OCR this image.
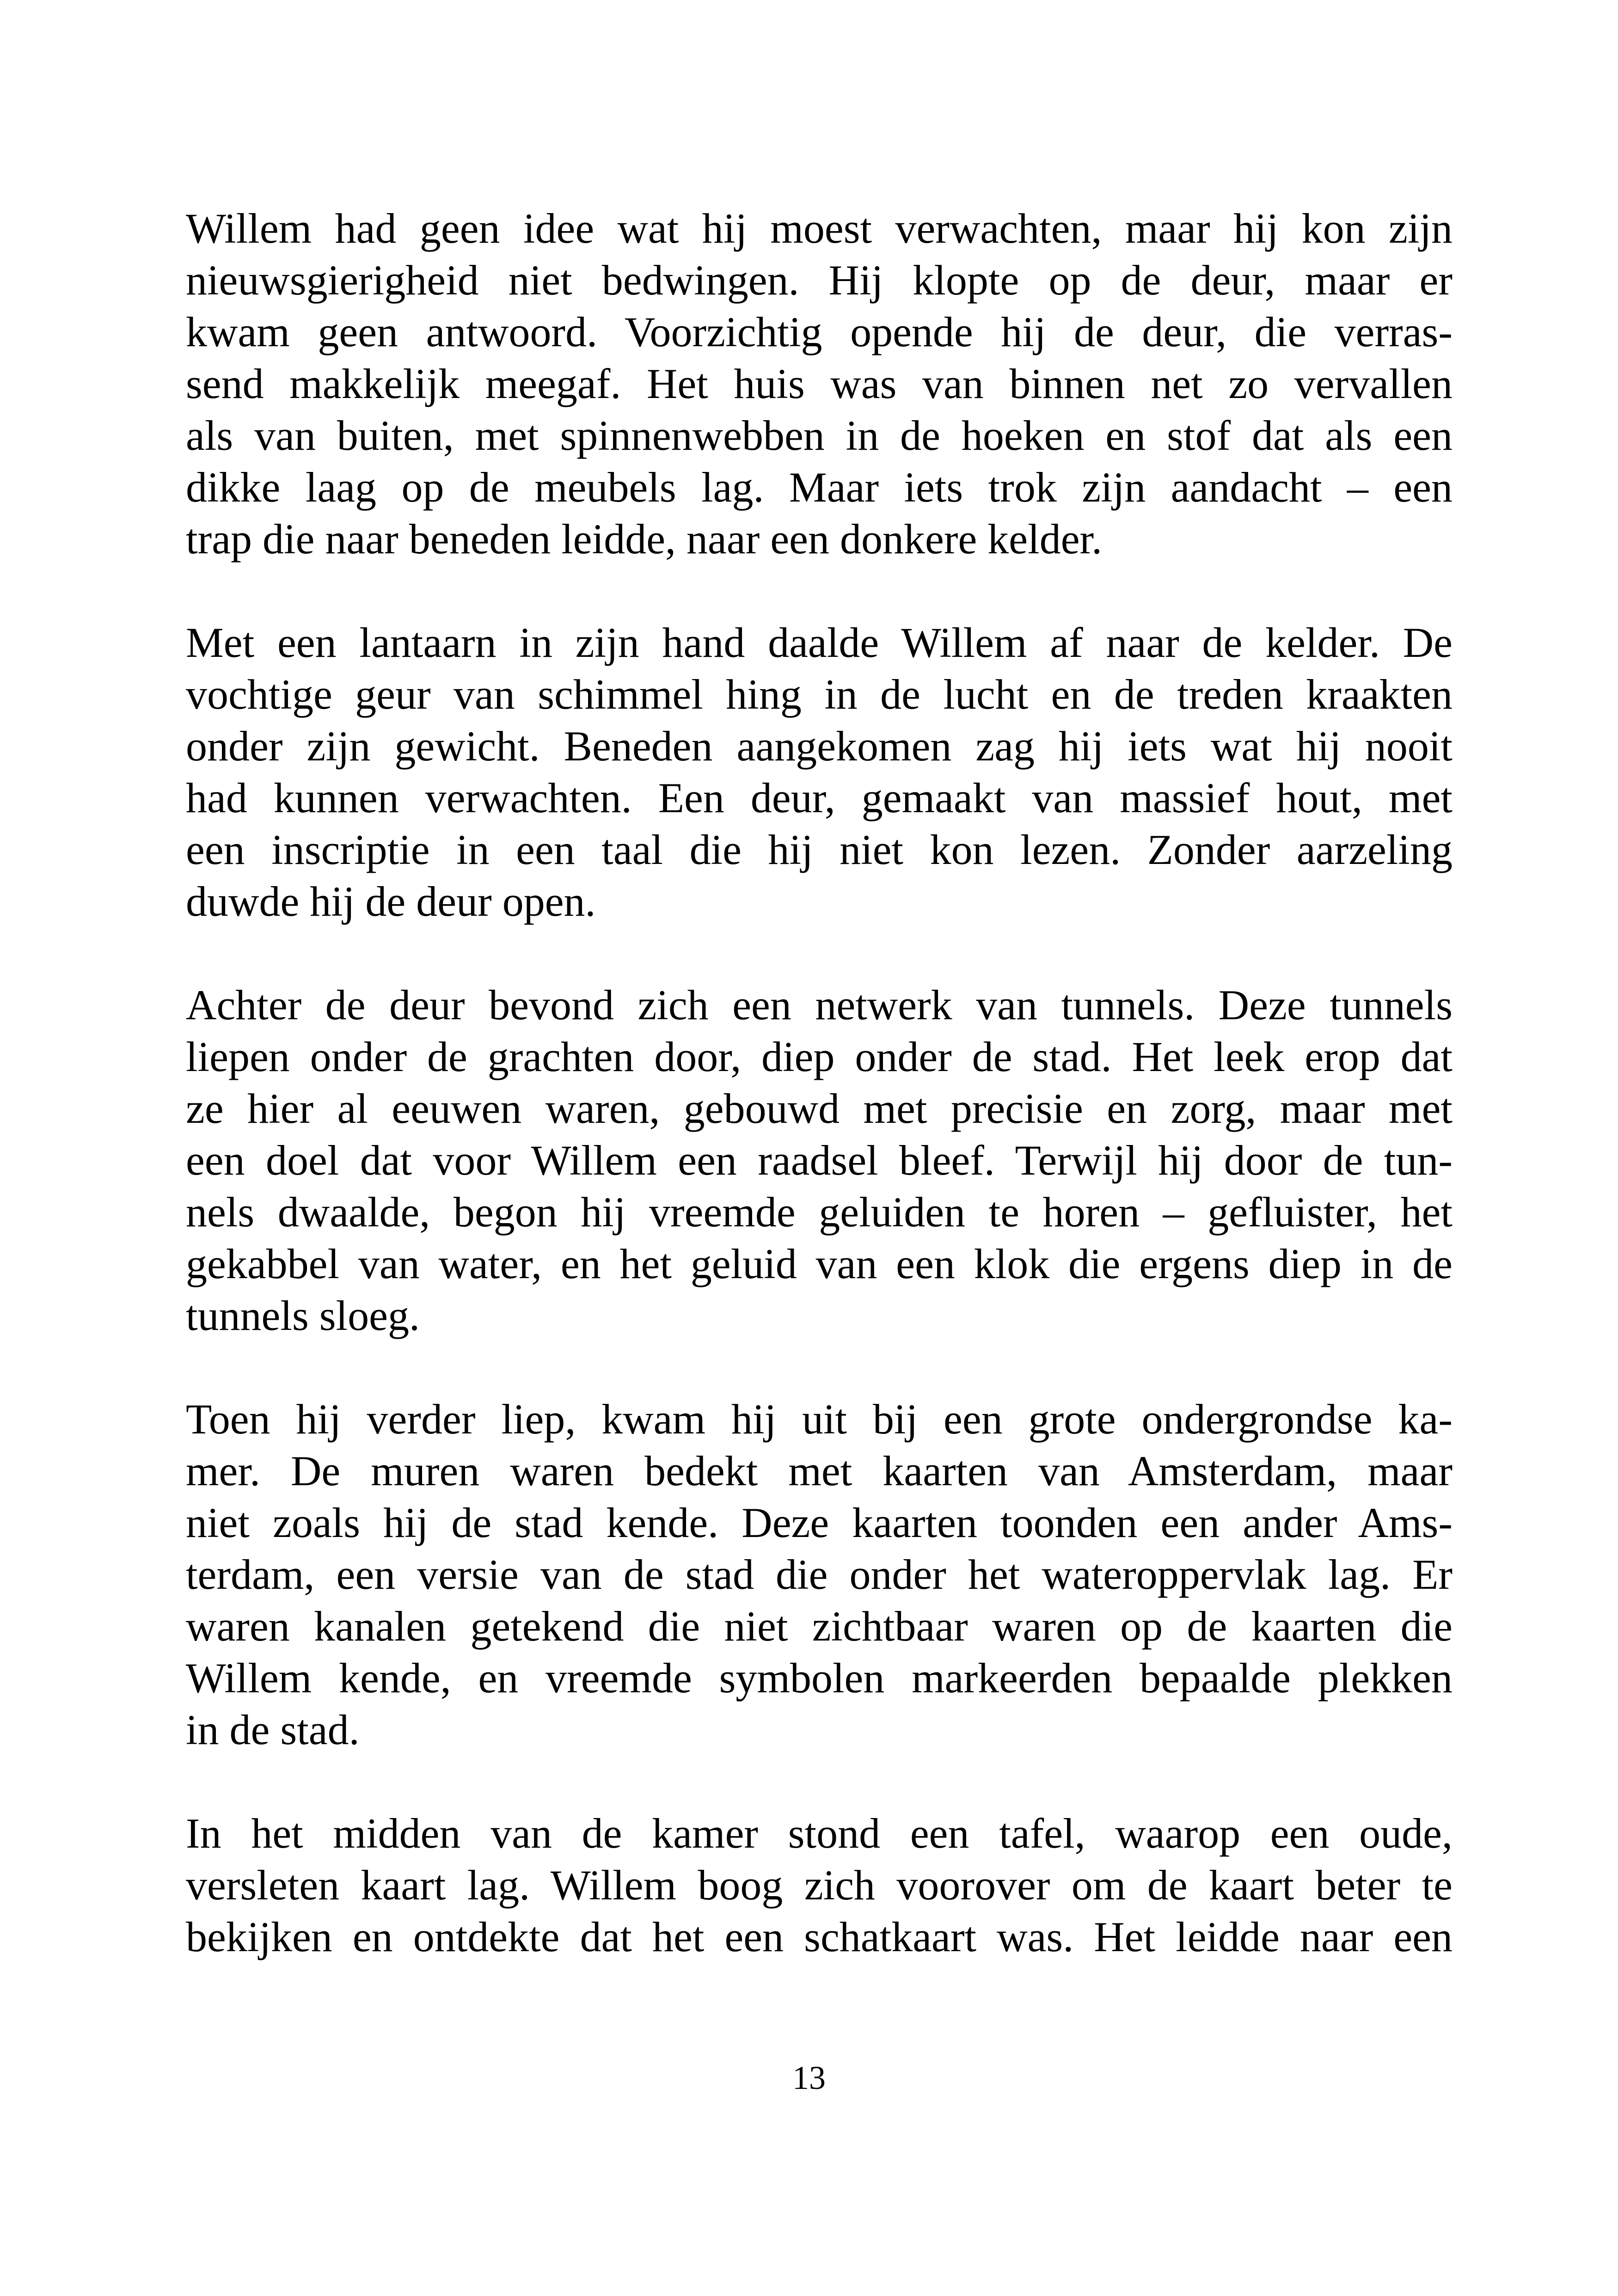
Willem had geen idee wat hij moest verwachten, maar hij kon zijn
nieuwsgierigheid niet bedwingen. Hij klopte op de deur, maar er
kwam geen antwoord. Voorzichtig opende hij de deur, die verras-
send makkelijk meegaf. Het huis was van binnen net zo vervallen
als van buiten, met spinnenwebben in de hoeken en stof dat als een
dikke laag op de meubels lag. Maar iets trok zijn aandacht – een
trap die naar beneden leidde, naar een donkere kelder.
Met een lantaarn in zijn hand daalde Willem af naar de kelder. De
vochtige geur van schimmel hing in de lucht en de treden kraakten
onder zijn gewicht. Beneden aangekomen zag hij iets wat hij nooit
had kunnen verwachten. Een deur, gemaakt van massief hout, met
een inscriptie in een taal die hij niet kon lezen. Zonder aarzeling
duwde hij de deur open.
Achter de deur bevond zich een netwerk van tunnels. Deze tunnels
liepen onder de grachten door, diep onder de stad. Het leek erop dat
ze hier al eeuwen waren, gebouwd met precisie en zorg, maar met
een doel dat voor Willem een raadsel bleef. Terwijl hij door de tun-
nels dwaalde, begon hij vreemde geluiden te horen – gefluister, het
gekabbel van water, en het geluid van een klok die ergens diep in de
tunnels sloeg.
Toen hij verder liep, kwam hij uit bij een grote ondergrondse ka-
mer. De muren waren bedekt met kaarten van Amsterdam, maar
niet zoals hij de stad kende. Deze kaarten toonden een ander Ams-
terdam, een versie van de stad die onder het wateroppervlak lag. Er
waren kanalen getekend die niet zichtbaar waren op de kaarten die
Willem kende, en vreemde symbolen markeerden bepaalde plekken
in de stad.
In het midden van de kamer stond een tafel, waarop een oude,
versleten kaart lag. Willem boog zich voorover om de kaart beter te
bekijken en ontdekte dat het een schatkaart was. Het leidde naar een
13
